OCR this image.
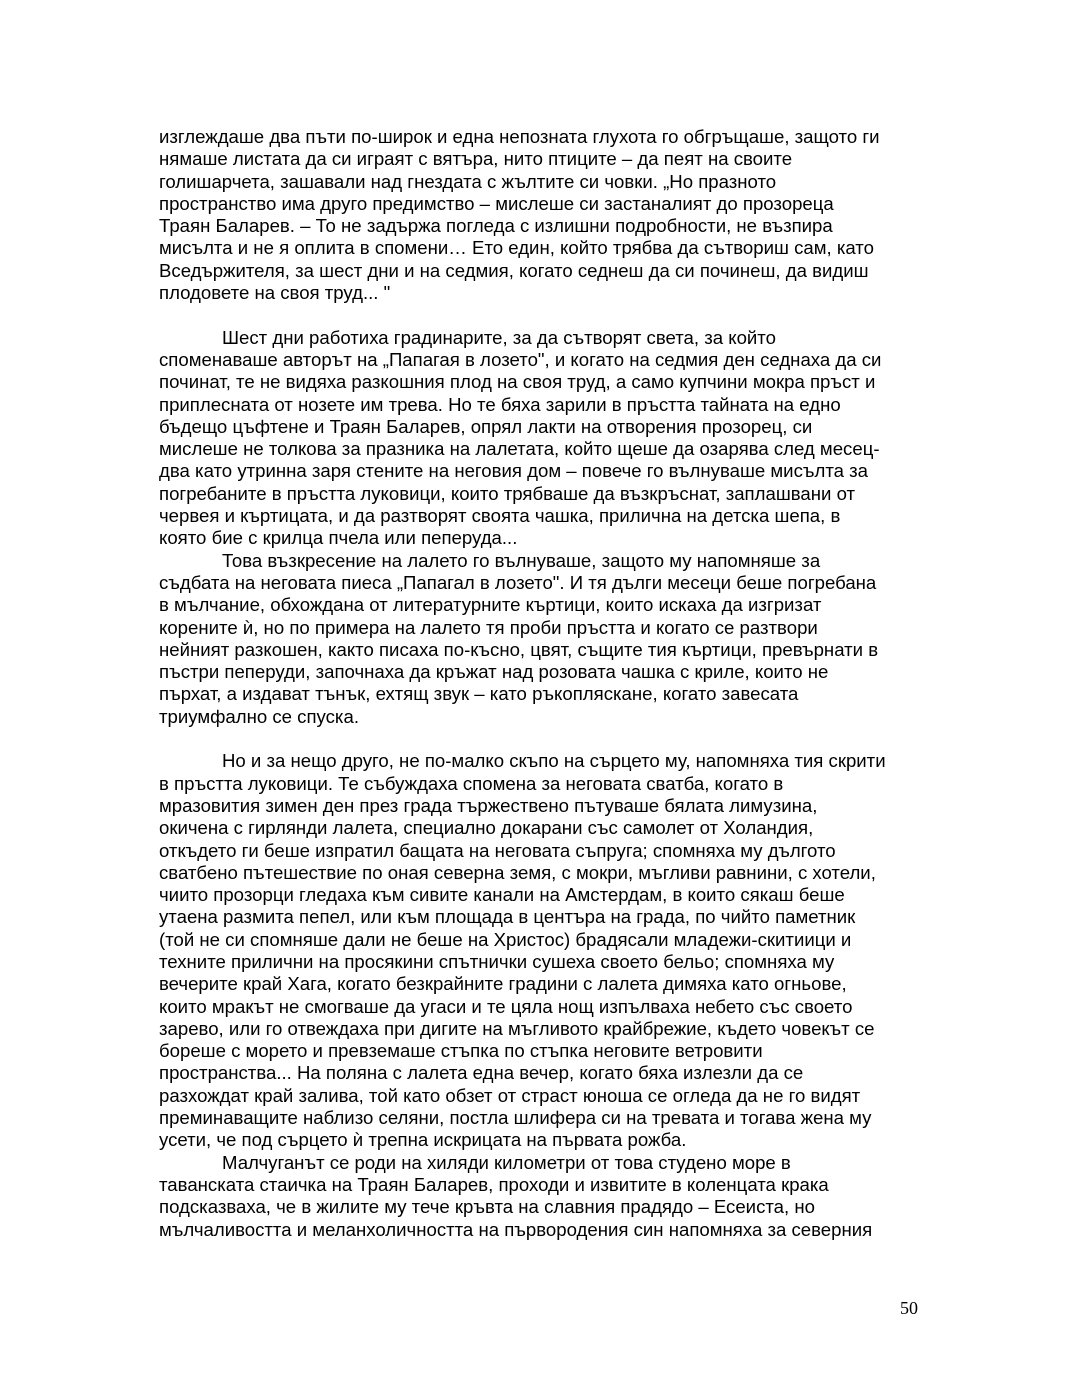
изглеждаше два пъти по-широк и една непозната глухота го обгръщаше, защото ги
нямаше листата да си играят с вятъра, нито птиците – да пеят на своите
голишарчета, зашавали над гнездата с жълтите си човки. „Но празното
пространство има друго предимство – мислеше си застаналият до прозореца
Траян Баларев. – То не задържа погледа с излишни подробности, не възпира
мисълта и не я оплита в спомени… Ето един, който трябва да сътвориш сам, като
Вседържителя, за шест дни и на седмия, когато седнеш да си починеш, да видиш
плодовете на своя труд... "

Шест дни работиха градинарите, за да сътворят света, за който
споменаваше авторът на „Папагая в лозето", и когато на седмия ден седнаха да си
починат, те не видяха разкошния плод на своя труд, а само купчини мокра пръст и
приплесната от нозете им трева. Но те бяха зарили в пръстта тайната на едно
бъдещо цъфтене и Траян Баларев, опрял лакти на отворения прозорец, си
мислеше не толкова за празника на лалетата, който щеше да озарява след месец-
два като утринна заря стените на неговия дом – повече го вълнуваше мисълта за
погребаните в пръстта луковици, които трябваше да възкръснат, заплашвани от
червея и къртицата, и да разтворят своята чашка, прилична на детска шепа, в
която бие с крилца пчела или пеперуда...

Това възкресение на лалето го вълнуваше, защото му напомняше за
съдбата на неговата пиеса „Папагал в лозето". И тя дълги месеци беше погребана
в мълчание, обхождана от литературните къртици, които искаха да изгризат
корените ѝ, но по примера на лалето тя проби пръстта и когато се разтвори
нейният разкошен, както писаха по-късно, цвят, същите тия къртици, превърнати в
пъстри пеперуди, започнаха да кръжат над розовата чашка с криле, които не
пърхат, а издават тънък, ехтящ звук – като ръкопляскане, когато завесата
триумфално се спуска.

Но и за нещо друго, не по-малко скъпо на сърцето му, напомняха тия скрити
в пръстта луковици. Те събуждаха спомена за неговата сватба, когато в
мразовития зимен ден през града тържествено пътуваше бялата лимузина,
окичена с гирлянди лалета, специално докарани със самолет от Холандия,
откъдето ги беше изпратил бащата на неговата съпруга; спомняха му дългото
сватбено пътешествие по оная северна земя, с мокри, мъгливи равнини, с хотели,
чиито прозорци гледаха към сивите канали на Амстердам, в които сякаш беше
утаена размита пепел, или към площада в центъра на града, по чийто паметник
(той не си спомняше дали не беше на Христос) брадясали младежи-скитиици и
техните прилични на просякини спътнички сушеха своето бельо; спомняха му
вечерите край Хага, когато безкрайните градини с лалета димяха като огньове,
които мракът не смогваше да угаси и те цяла нощ изпълваха небето със своето
зарево, или го отвеждаха при дигите на мъгливото крайбрежие, където човекът се
бореше с морето и превземаше стъпка по стъпка неговите ветровити
пространства... На поляна с лалета една вечер, когато бяха излезли да се
разхождат край залива, той като обзет от страст юноша се огледа да не го видят
преминаващите наблизо селяни, постла шлифера си на тревата и тогава жена му
усети, че под сърцето ѝ трепна искрицата на първата рожба.

Малчуганът се роди на хиляди километри от това студено море в
таванската стаичка на Траян Баларев, проходи и извитите в коленцата крака
подсказваха, че в жилите му тече кръвта на славния прадядо – Есеиста, но
мълчаливостта и меланхоличността на първородения син напомняха за северния

50
